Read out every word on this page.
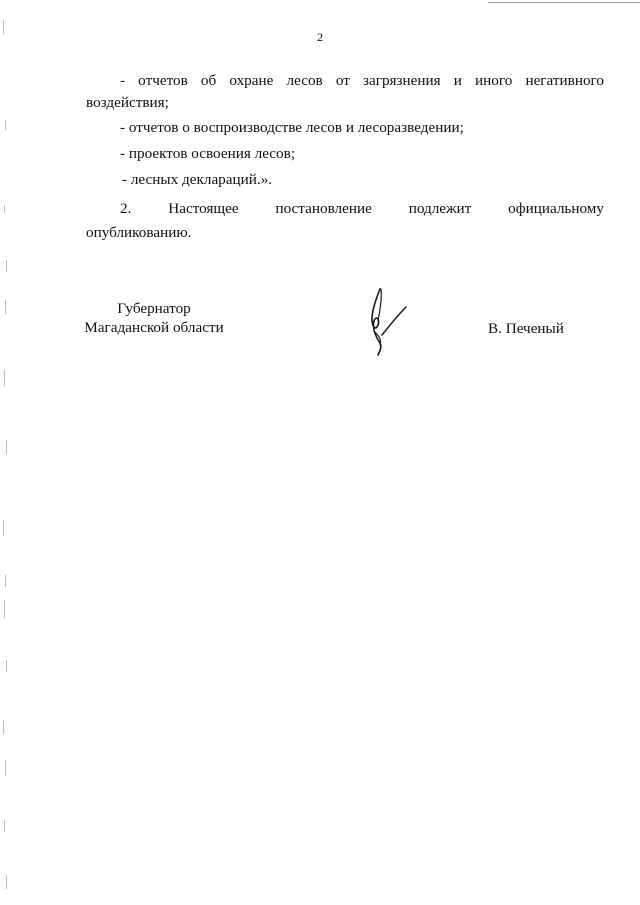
2
- отчетов об охране лесов от загрязнения и иного негативного
воздействия;
- отчетов о воспроизводстве лесов и лесоразведении;
- проектов освоения лесов;
- лесных деклараций.».
2. Настоящее постановление подлежит официальному
опубликованию.
Губернатор
Магаданской области	В. Печеный
